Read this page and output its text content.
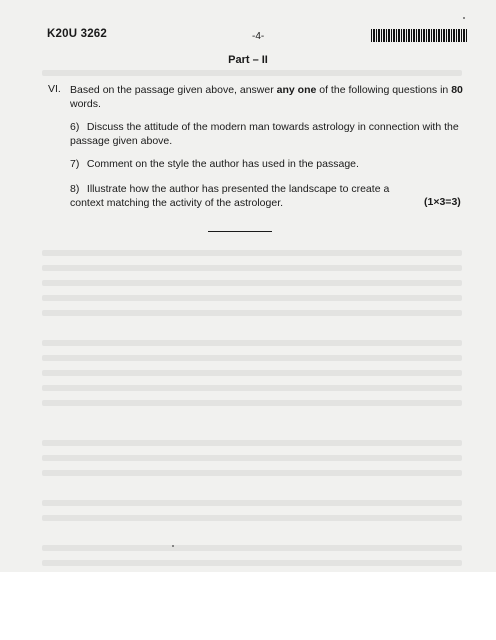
K20U 3262	-4-
Part – II
VI. Based on the passage given above, answer any one of the following questions in 80 words.
6) Discuss the attitude of the modern man towards astrology in connection with the passage given above.
7) Comment on the style the author has used in the passage.
8) Illustrate how the author has presented the landscape to create a context matching the activity of the astrologer.	(1×3=3)
